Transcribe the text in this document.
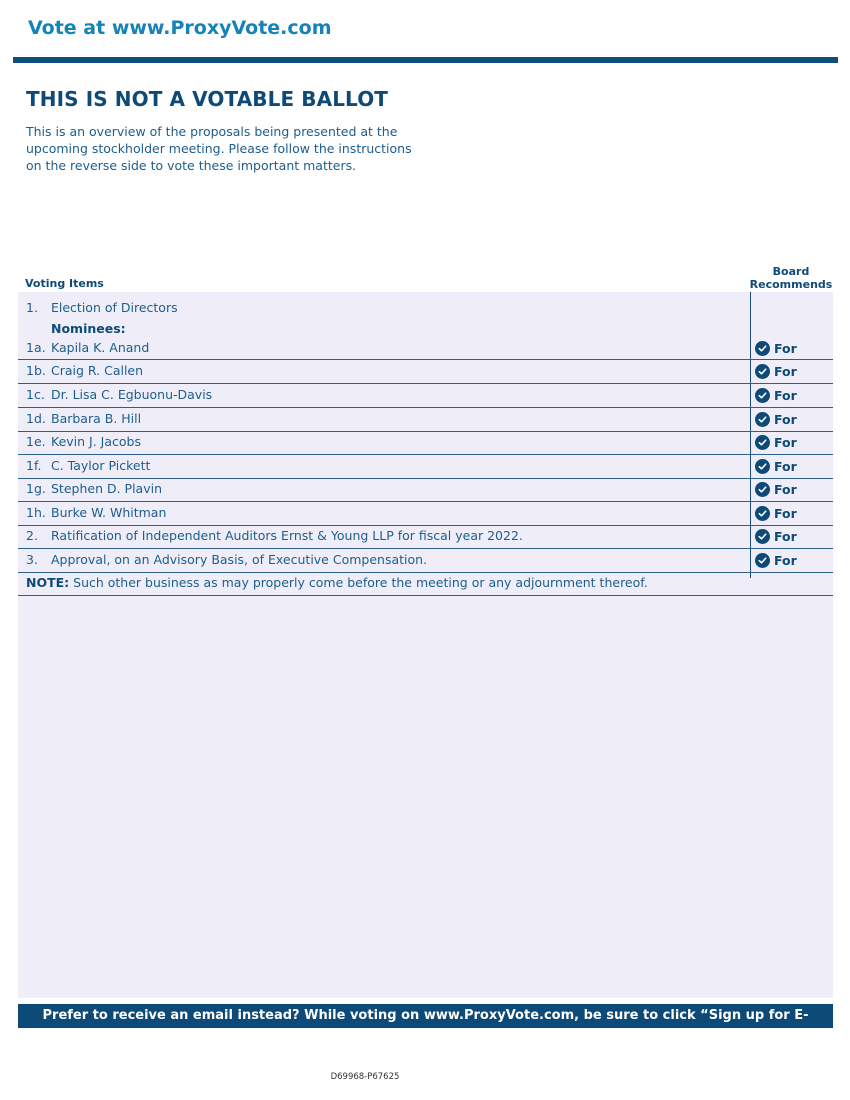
Vote at www.ProxyVote.com
THIS IS NOT A VOTABLE BALLOT
This is an overview of the proposals being presented at the upcoming stockholder meeting. Please follow the instructions on the reverse side to vote these important matters.
Voting Items
Board
Recommends
1. Election of Directors
Nominees:
1a. Kapila K. Anand	For
1b. Craig R. Callen	For
1c. Dr. Lisa C. Egbuonu-Davis	For
1d. Barbara B. Hill	For
1e. Kevin J. Jacobs	For
1f. C. Taylor Pickett	For
1g. Stephen D. Plavin	For
1h. Burke W. Whitman	For
2. Ratification of Independent Auditors Ernst & Young LLP for fiscal year 2022.	For
3. Approval, on an Advisory Basis, of Executive Compensation.	For
NOTE: Such other business as may properly come before the meeting or any adjournment thereof.
Prefer to receive an email instead? While voting on www.ProxyVote.com, be sure to click “Sign up for E-delivery”.
D69968-P67625
